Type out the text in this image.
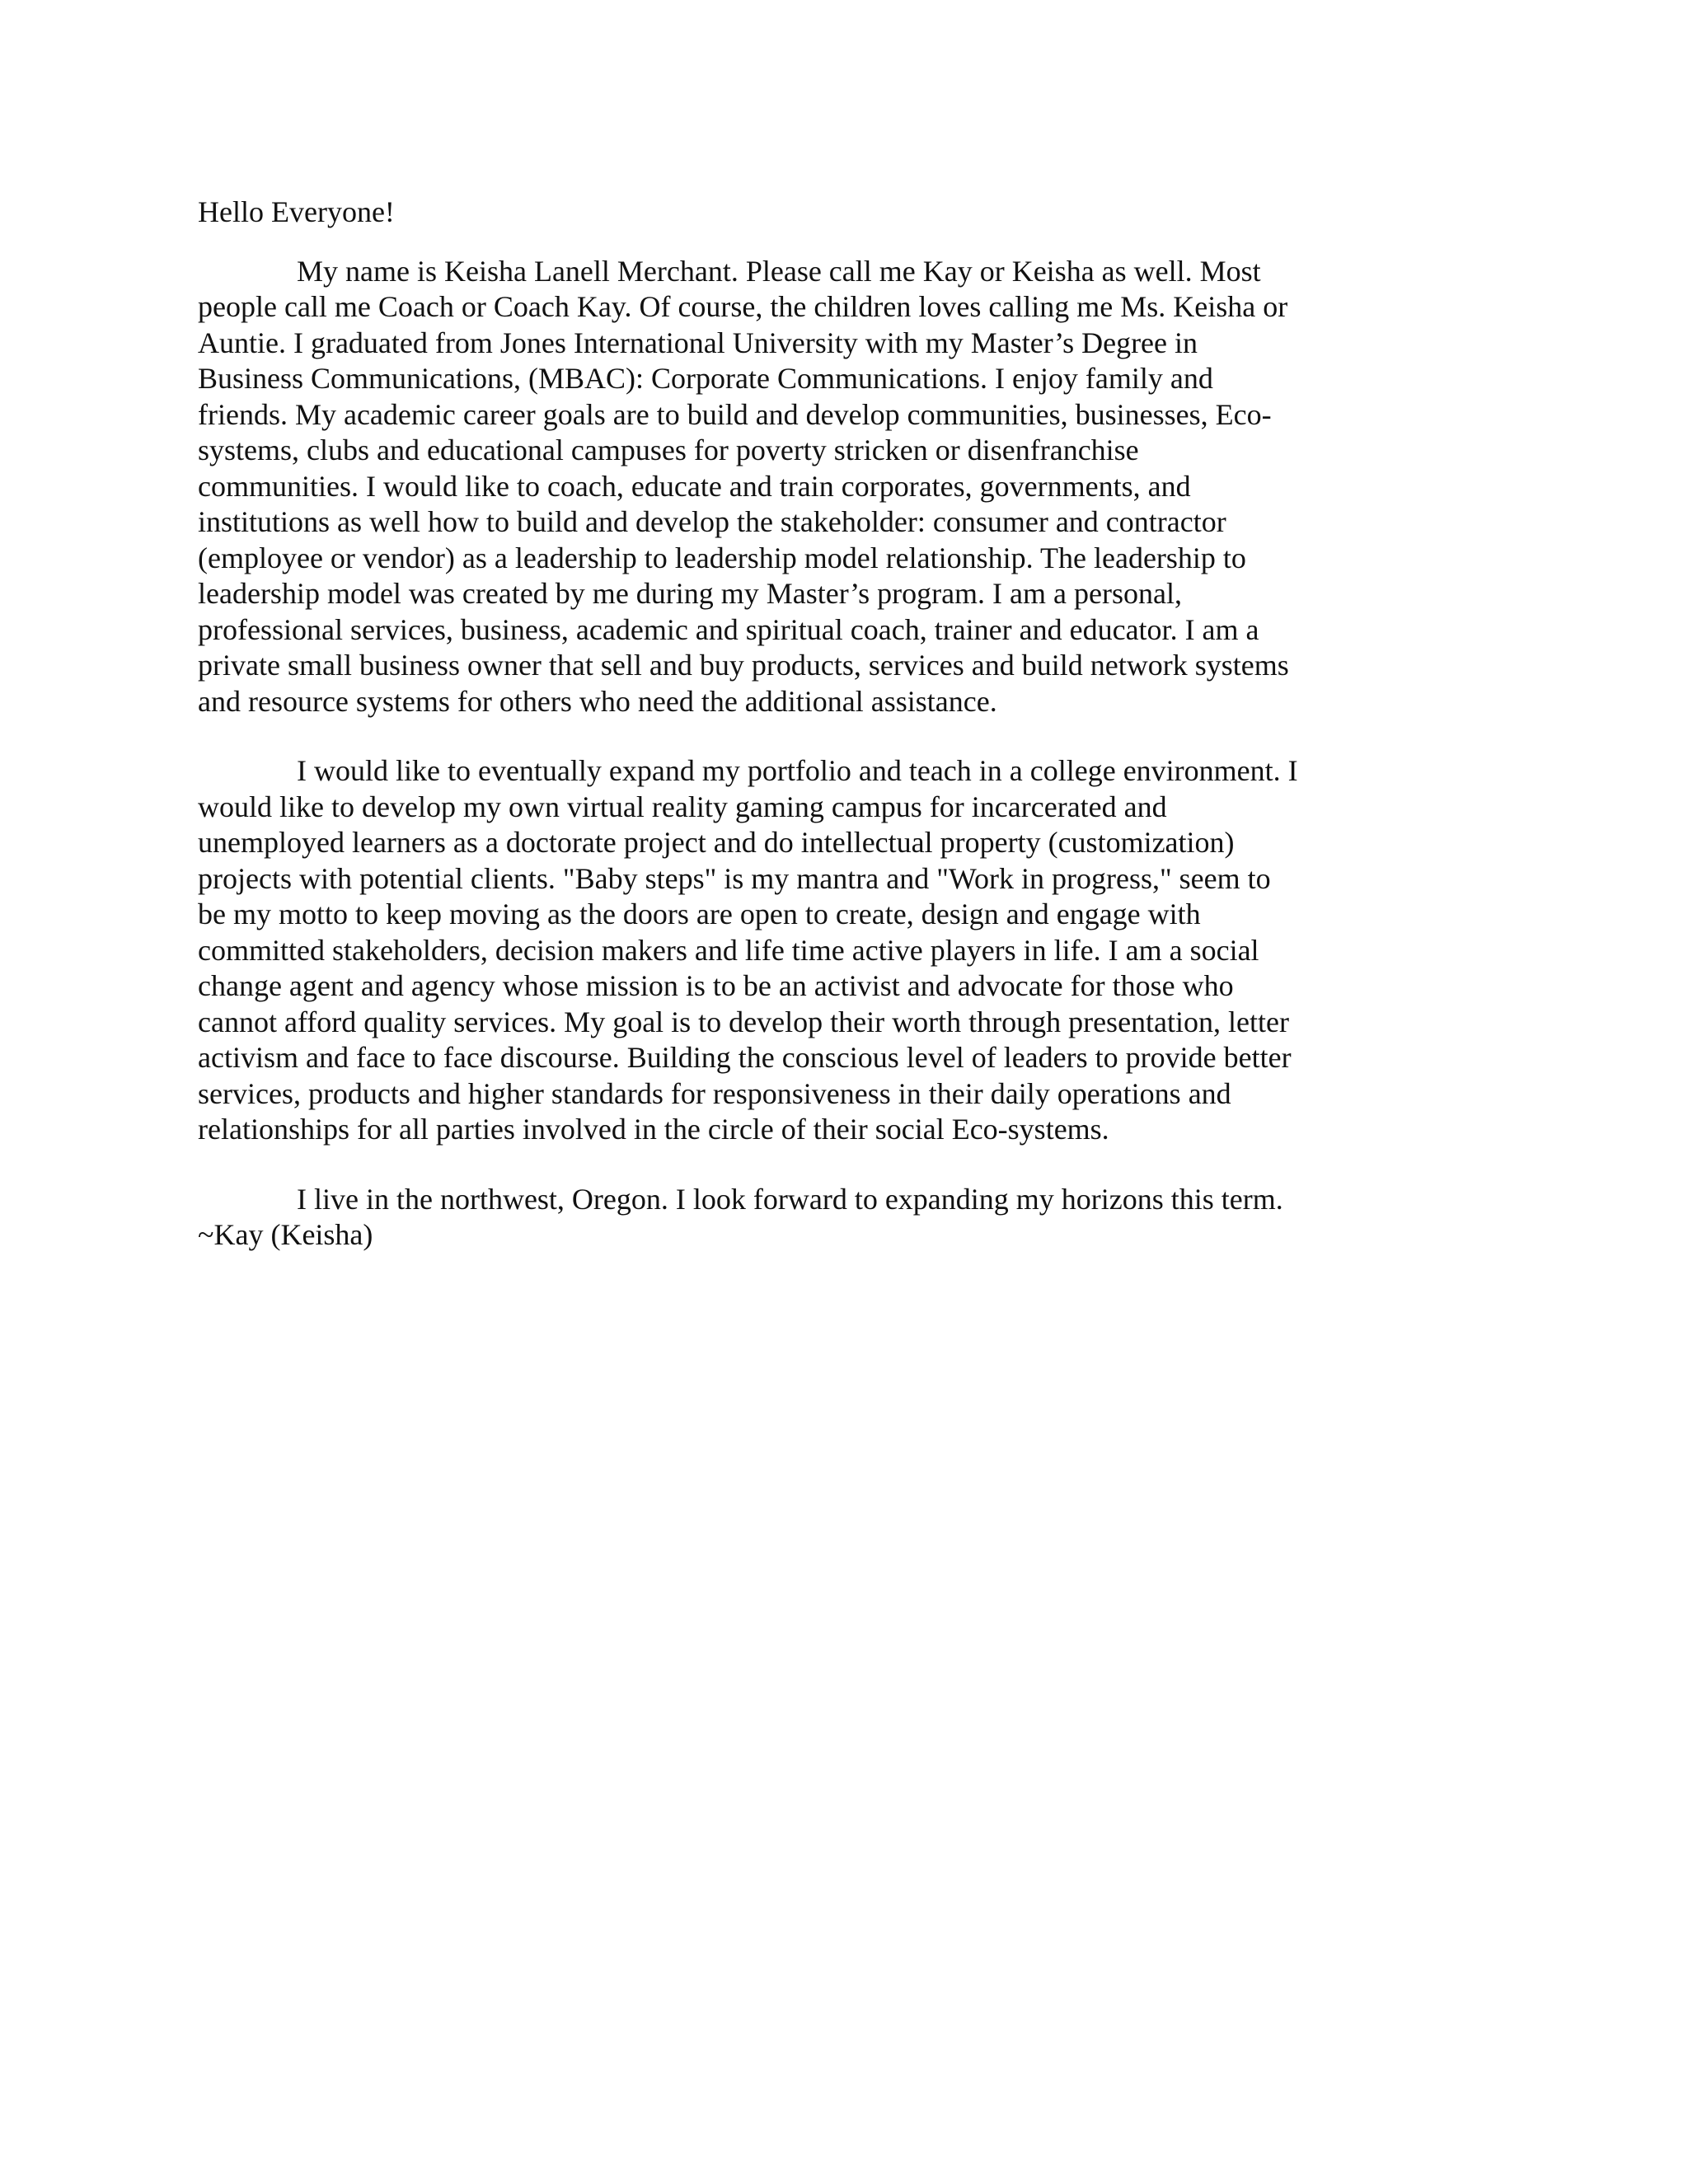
Hello Everyone!
My name is Keisha Lanell Merchant. Please call me Kay or Keisha as well. Most
people call me Coach or Coach Kay. Of course, the children loves calling me Ms. Keisha or
Auntie. I graduated from Jones International University with my Master’s Degree in
Business Communications, (MBAC): Corporate Communications. I enjoy family and
friends. My academic career goals are to build and develop communities, businesses, Eco-
systems, clubs and educational campuses for poverty stricken or disenfranchise
communities. I would like to coach, educate and train corporates, governments, and
institutions as well how to build and develop the stakeholder: consumer and contractor
(employee or vendor) as a leadership to leadership model relationship. The leadership to
leadership model was created by me during my Master’s program. I am a personal,
professional services, business, academic and spiritual coach, trainer and educator. I am a
private small business owner that sell and buy products, services and build network systems
and resource systems for others who need the additional assistance.
I would like to eventually expand my portfolio and teach in a college environment. I
would like to develop my own virtual reality gaming campus for incarcerated and
unemployed learners as a doctorate project and do intellectual property (customization)
projects with potential clients. "Baby steps" is my mantra and "Work in progress," seem to
be my motto to keep moving as the doors are open to create, design and engage with
committed stakeholders, decision makers and life time active players in life. I am a social
change agent and agency whose mission is to be an activist and advocate for those who
cannot afford quality services. My goal is to develop their worth through presentation, letter
activism and face to face discourse. Building the conscious level of leaders to provide better
services, products and higher standards for responsiveness in their daily operations and
relationships for all parties involved in the circle of their social Eco-systems.
I live in the northwest, Oregon. I look forward to expanding my horizons this term.
~Kay (Keisha)
